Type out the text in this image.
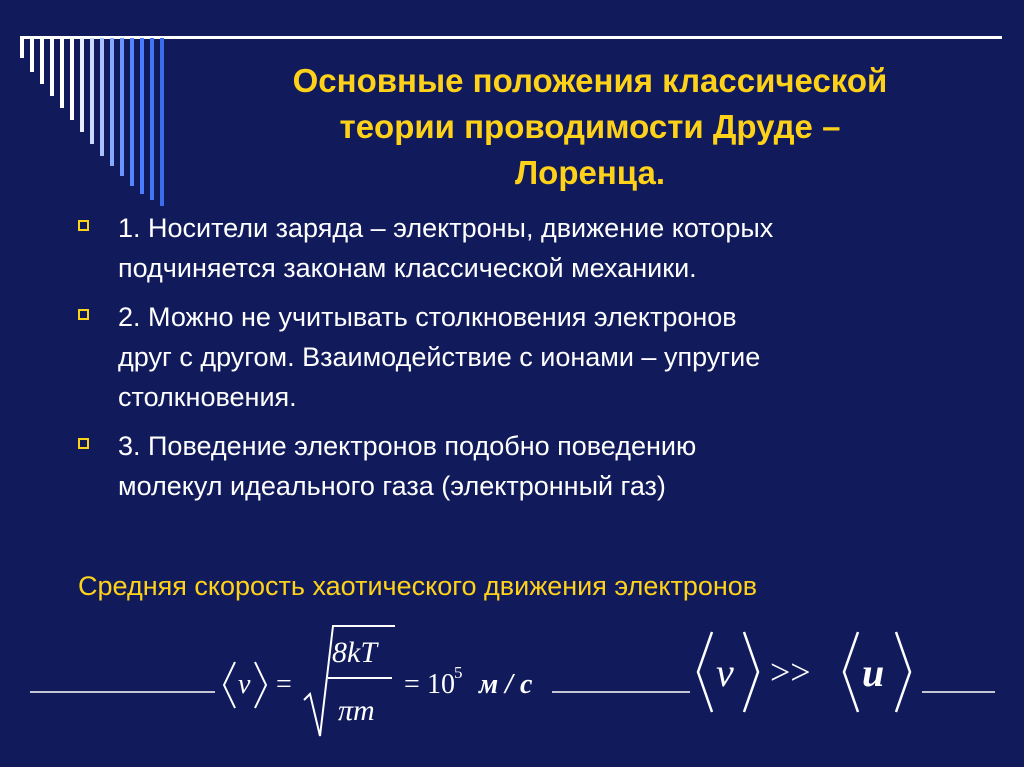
Основные положения классической
теории проводимости Друде –
Лоренца.
1. Носители заряда – электроны, движение которых
подчиняется законам классической механики.
2. Можно не учитывать столкновения электронов
друг с другом. Взаимодействие с ионами – упругие
столкновения.
3. Поведение электронов подобно поведению
молекул идеального газа (электронный газ)
Средняя скорость хаотического движения электронов
v =
8kT
πm
= 10 5 м / с	v >> u
